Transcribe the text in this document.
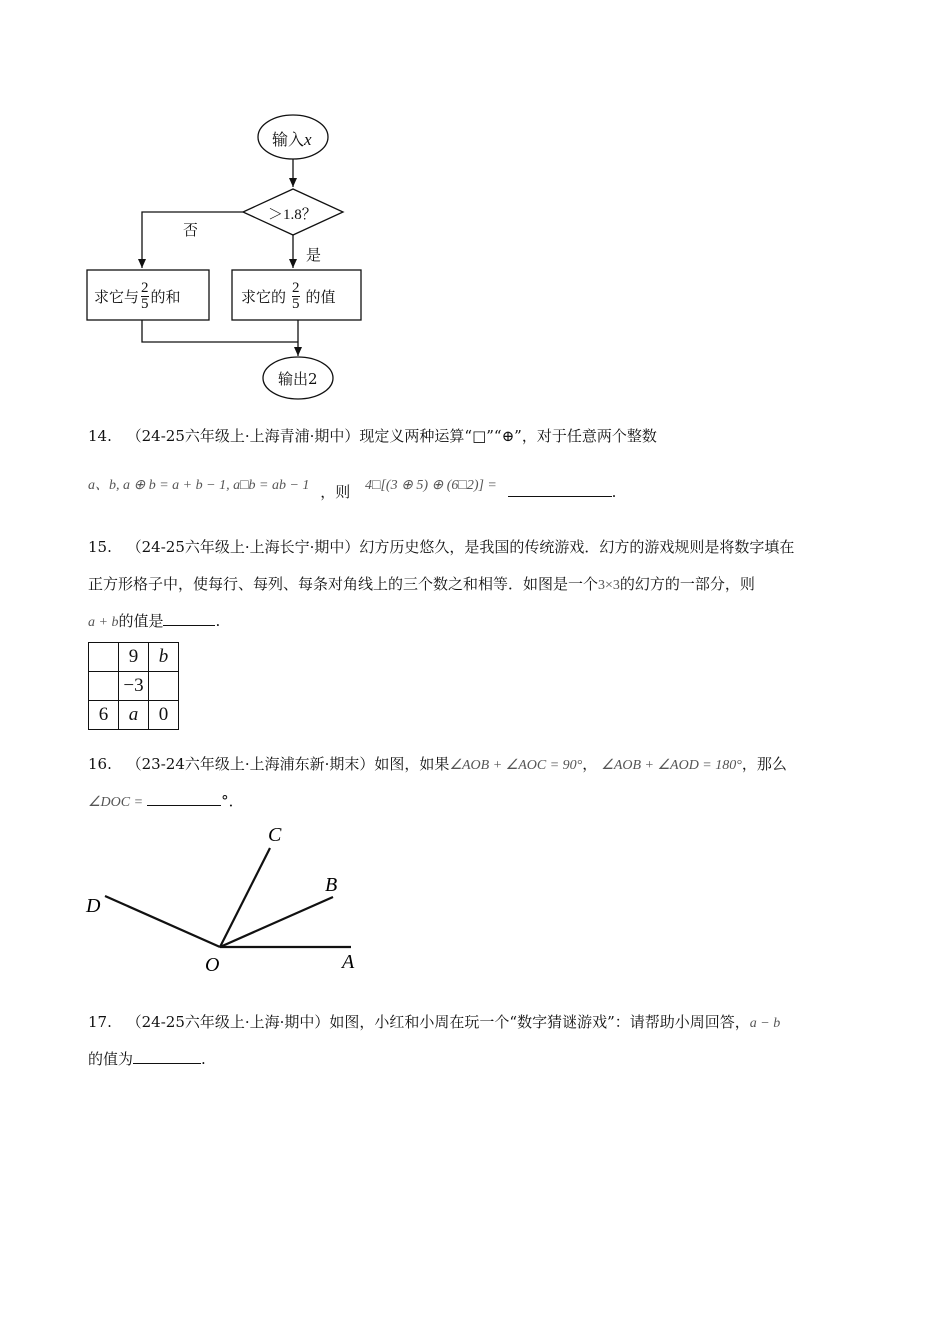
输入x
＞1.8？
否
是
求它与 $\frac{2}{5}$ 的和	求它的 $\frac{2}{5}$ 的值
输出2
14. （24-25六年级上·上海青浦·期中）现定义两种运算“□”“⊕”，对于任意两个整数
a、b, a ⊕ b = a + b − 1, a□b = ab − 1 ，则 4□[(3 ⊕ 5) ⊕ (6□2)] =	.
15. （24-25六年级上·上海长宁·期中）幻方历史悠久，是我国的传统游戏．幻方的游戏规则是将数字填在
正方形格子中，使每行、每列、每条对角线上的三个数之和相等．如图是一个3×3的幻方的一部分，则
a + b的值是	.
	9	b
	−3	
6	a	0
16. （23-24六年级上·上海浦东新·期末）如图，如果∠AOB + ∠AOC = 90°， ∠AOB + ∠AOD = 180°，那么
∠DOC =	°．
C
B
D
O	A
17. （24-25六年级上·上海·期中）如图，小红和小周在玩一个“数字猜谜游戏”：请帮助小周回答，a − b
的值为	.
